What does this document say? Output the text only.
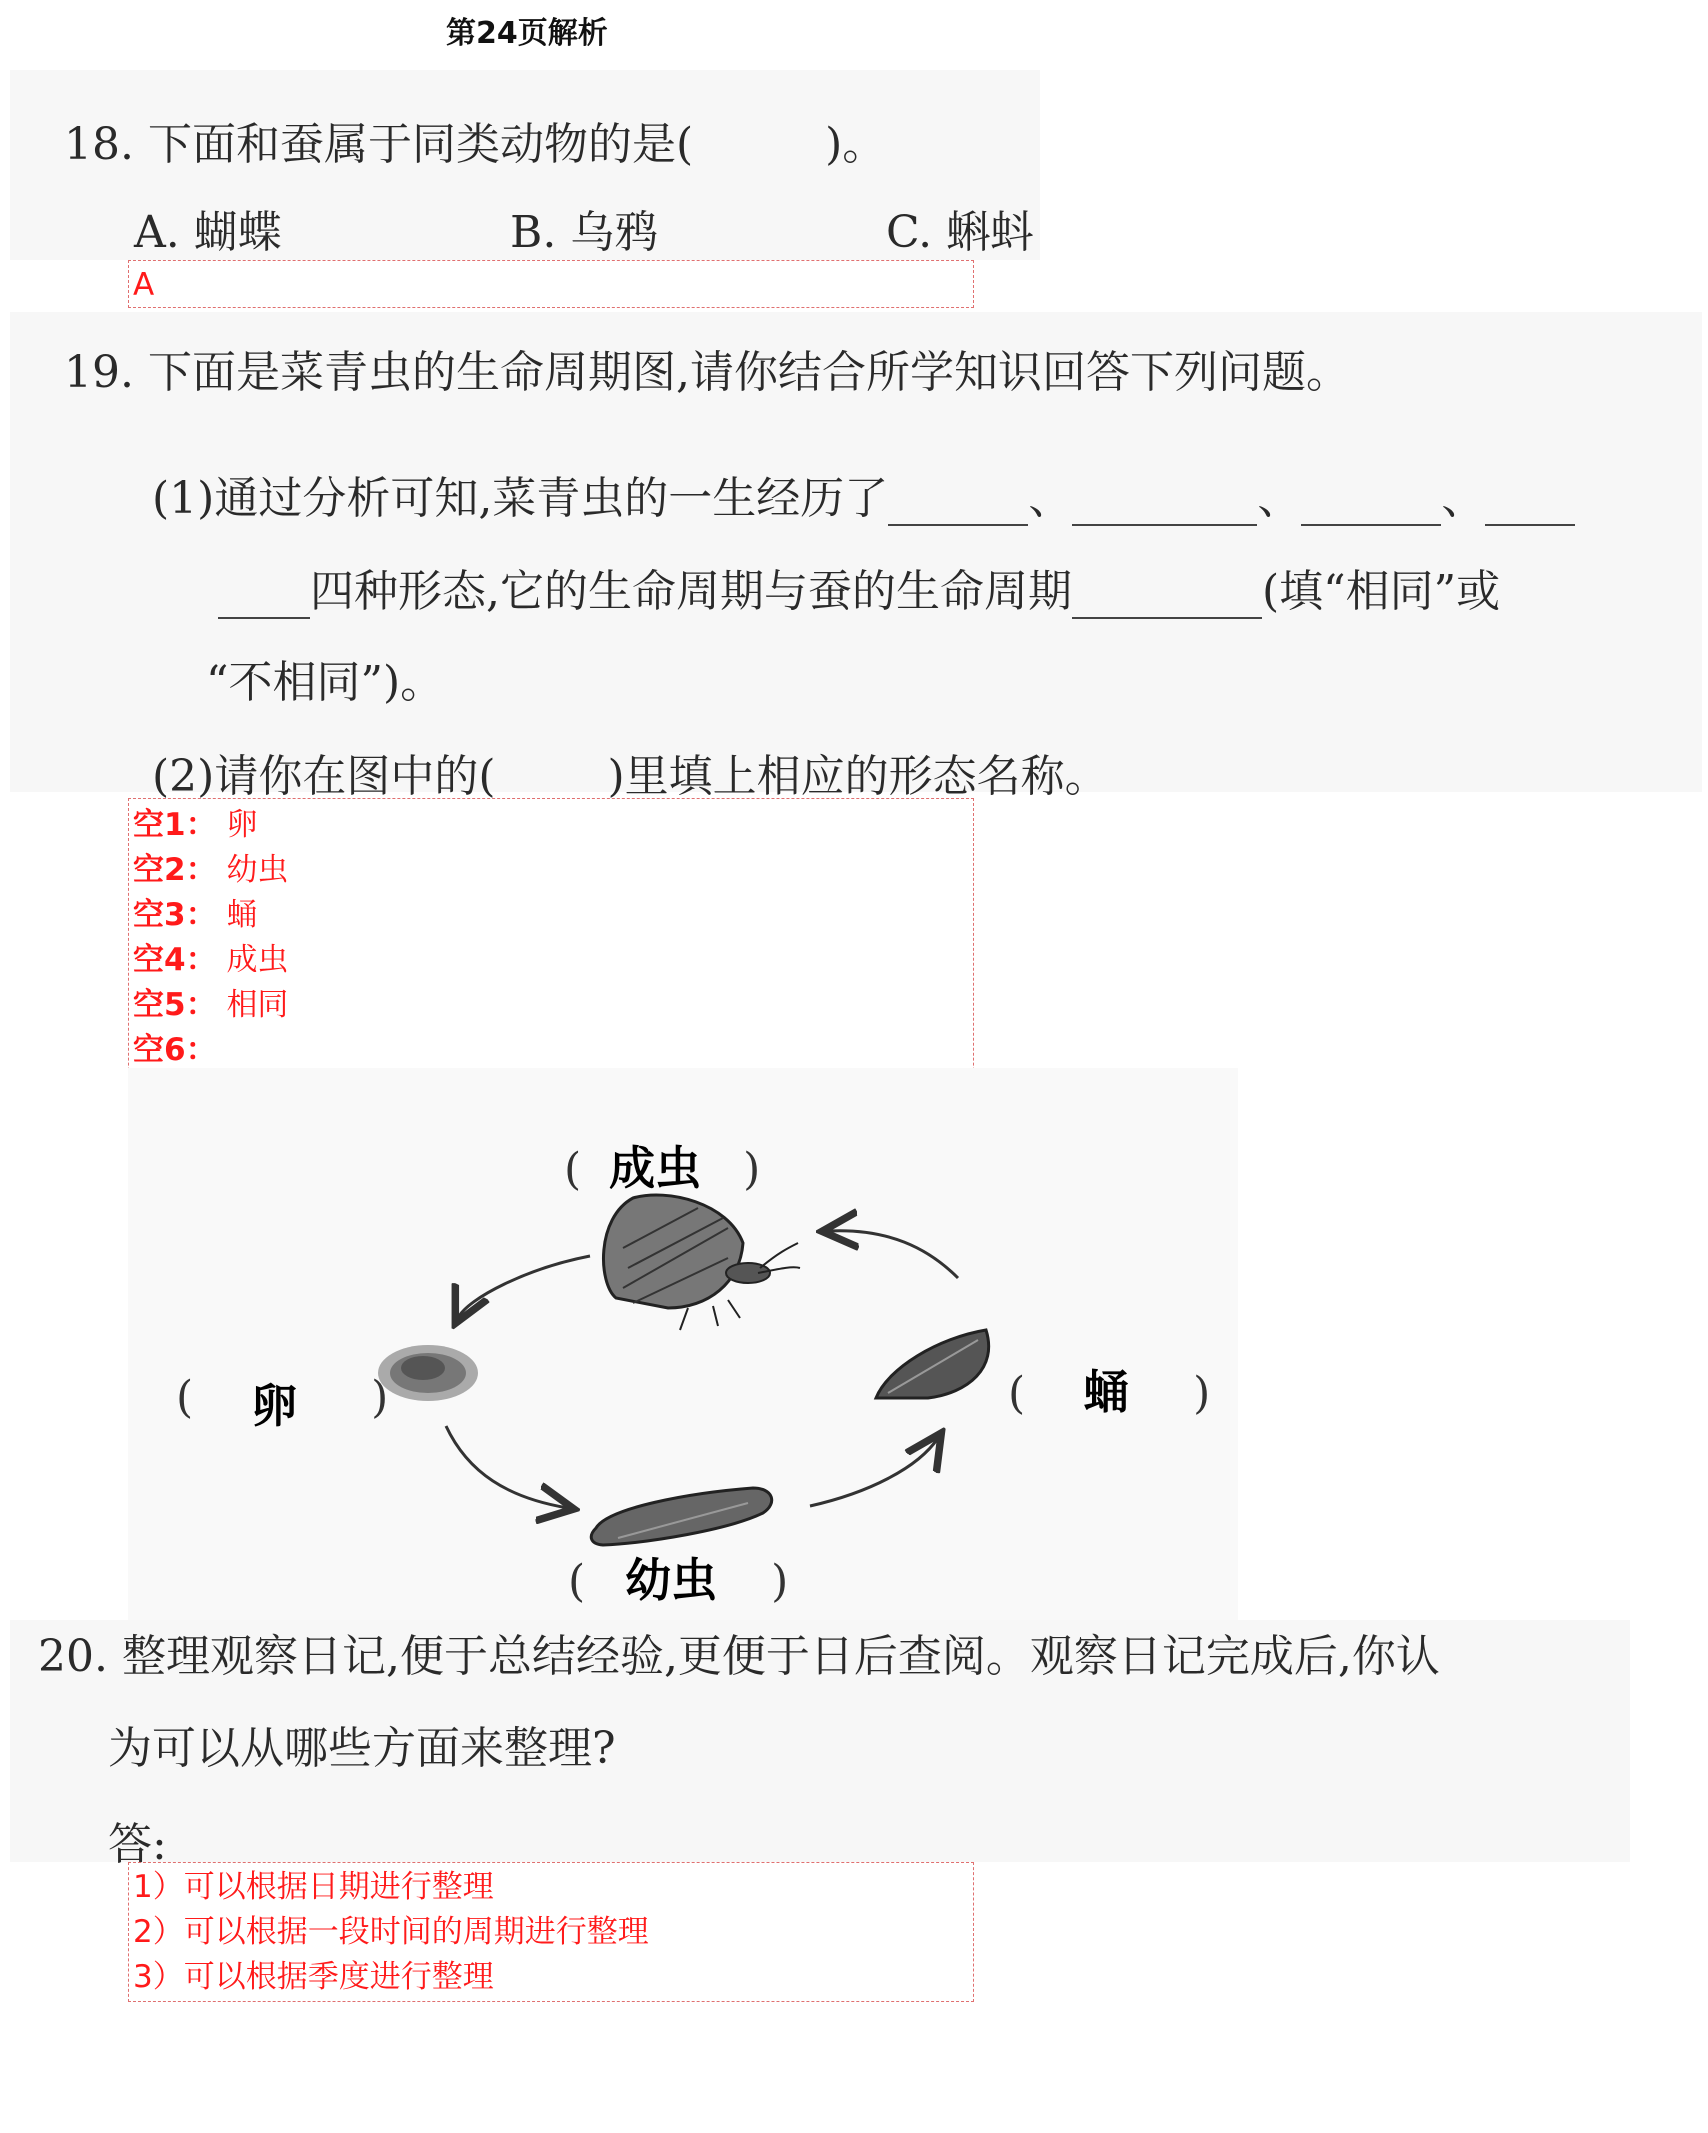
第24页解析
18. 下面和蚕属于同类动物的是(　　　)。
A. 蝴蝶	B. 乌鸦	C. 蝌蚪
A
19. 下面是菜青虫的生命周期图,请你结合所学知识回答下列问题。
(1)通过分析可知,菜青虫的一生经历了	、	、	、
四种形态,它的生命周期与蚕的生命周期	(填“相同”或
“不相同”)。
(2)请你在图中的(	)里填上相应的形态名称。
空1： 卵
空2： 幼虫
空3： 蛹
空4： 成虫
空5： 相同
空6：
( 成虫 )
( 卵 )	( 蛹 )
( 幼虫 )
20. 整理观察日记,便于总结经验,更便于日后查阅。观察日记完成后,你认
为可以从哪些方面来整理?
答:
1）可以根据日期进行整理
2）可以根据一段时间的周期进行整理
3）可以根据季度进行整理
